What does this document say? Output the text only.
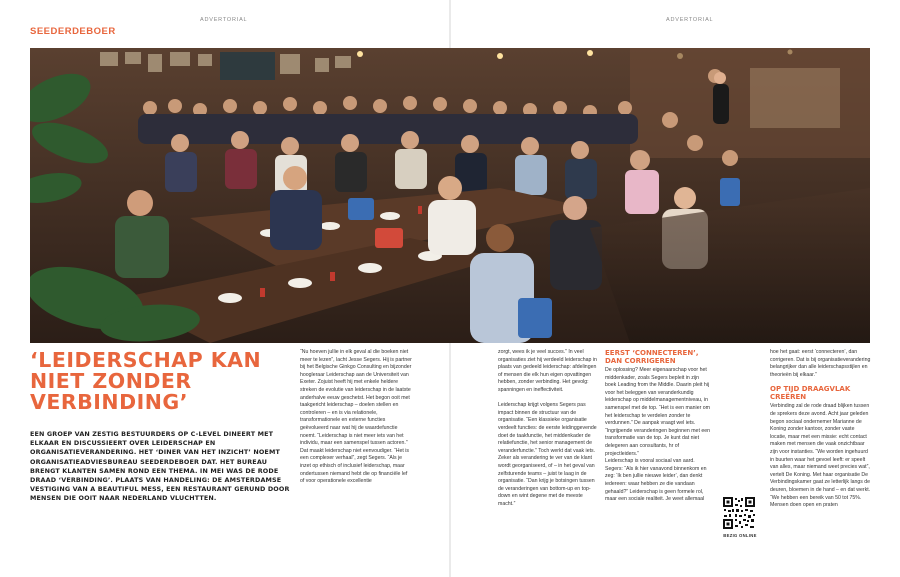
SEEDERDEBOER
ADVERTORIAL	ADVERTORIAL
‘LEIDERSCHAP KAN NIET ZONDER VERBINDING’
EEN GROEP VAN ZESTIG BESTUURDERS OP C-LEVEL DINEERT MET ELKAAR EN DISCUSSIEERT OVER LEIDERSCHAP EN ORGANISATIEVERANDERING. HET ‘DINER VAN HET INZICHT’ NOEMT ORGANISATIEADVIESBUREAU SEEDERDEBOER DAT. HET BUREAU BRENGT KLANTEN SAMEN ROND EEN THEMA. IN MEI WAS DE RODE DRAAD ‘VERBINDING’. PLAATS VAN HANDELING: DE AMSTERDAMSE VESTIGING VAN A BEAUTIFUL MESS, EEN RESTAURANT GERUND DOOR MENSEN DIE OOIT NAAR NEDERLAND VLUCHTTEN.

“Nu hoeven jullie in elk geval al die boeken niet meer te lezen”, lacht Jesse Segers. Hij is partner bij het Belgische Ginkgo Consulting en bijzonder hoogleraar Leiderschap aan de Universiteit van Exeter. Zojuist heeft hij met enkele heldere streken de evolutie van leiderschap in de laatste anderhalve eeuw geschetst. Het begon ooit met taakgericht leiderschap – doelen stellen en controleren – en is via relationele, transformationele en externe functies geëvolueerd naar wat hij de waardefunctie noemt. “Leiderschap is niet meer iets van het individu, maar een samenspel tussen actoren.” Dat maakt leiderschap niet eenvoudiger. “Het is een complexer verhaal”, zegt Segers. “Als je inzet op ethisch of inclusief leiderschap, maar ondertussen niemand hebt die op financiële lef of voor operationele excellentie

zorgt, wees ik je veel succes.” In veel organisaties ziet hij verdeeld leiderschap in plaats van gedeeld leiderschap: afdelingen of mensen die elk hun eigen opvattingen hebben, zonder verbinding. Het gevolg: spanningen en ineffectiviteit.

Leiderschap krijgt volgens Segers pas impact binnen de structuur van de organisatie. “Een klassieke organisatie verdeelt functies: de eerste leidinggevende doet de taakfunctie, het middenkader de relatiefunctie, het senior management de veranderfunctie.” Toch werkt dat vaak iets. Zeker als verandering te ver van de klant wordt georganiseerd, of – in het geval van zelfsturende teams – juist te laag in de organisatie. “Dan krijg je botsingen tussen de veranderingen van bottom-up en top-down en wint degene met de meeste macht.”

EERST ‘CONNECTEREN’, DAN CORRIGEREN

De oplossing? Meer eigenaarschap voor het middenkader, zoals Segers bepleit in zijn boek Leading from the Middle. Daarin pleit hij voor het beleggen van veranderkundig leiderschap op middelmanagementniveau, in samenspel met de top. “Het is een manier om het leiderschap te verdelen zonder te verdunnen.” De aanpak vraagt wel iets. “Ingrijpende veranderingen beginnen met een transformatie van de top. Je kunt dat niet delegeren aan consultants, hr of projectleiders.”
Leiderschap is vooral sociaal van aard. Segers: “Als ik hier vanavond binnenkom en zeg: ‘Ik ben jullie nieuwe leider’, dan denkt iedereen: waar hebben ze die vandaan gehaald?” Leiderschap is geen formele rol, maar een sociale realiteit. Je weet allemaal

hoe het gaat: eerst ‘connecteren’, dan corrigeren. Dat is bij organisatieverandering belangrijker dan alle leiderschapsstijlen en theorieën bij elkaar.”

OP TIJD DRAAGVLAK CREËREN

Verbinding zal de rode draad blijken tussen de sprekers deze avond. Acht jaar geleden begon sociaal ondernemer Marianne de Koning zonder kantoor, zonder vaste locatie, maar met een missie: echt contact maken met mensen die vaak onzichtbaar zijn voor instanties. “We worden ingehuurd in buurten waar het gevoel leeft: er speelt van alles, maar niemand weet precies wat”, vertelt De Koning. Met haar organisatie De Verbindingskamer gaat ze letterlijk langs de deuren, bloemen in de hand – en dat werkt. “We hebben een bereik van 50 tot 75%. Mensen doen open en praten

BEZIG ONLINE
